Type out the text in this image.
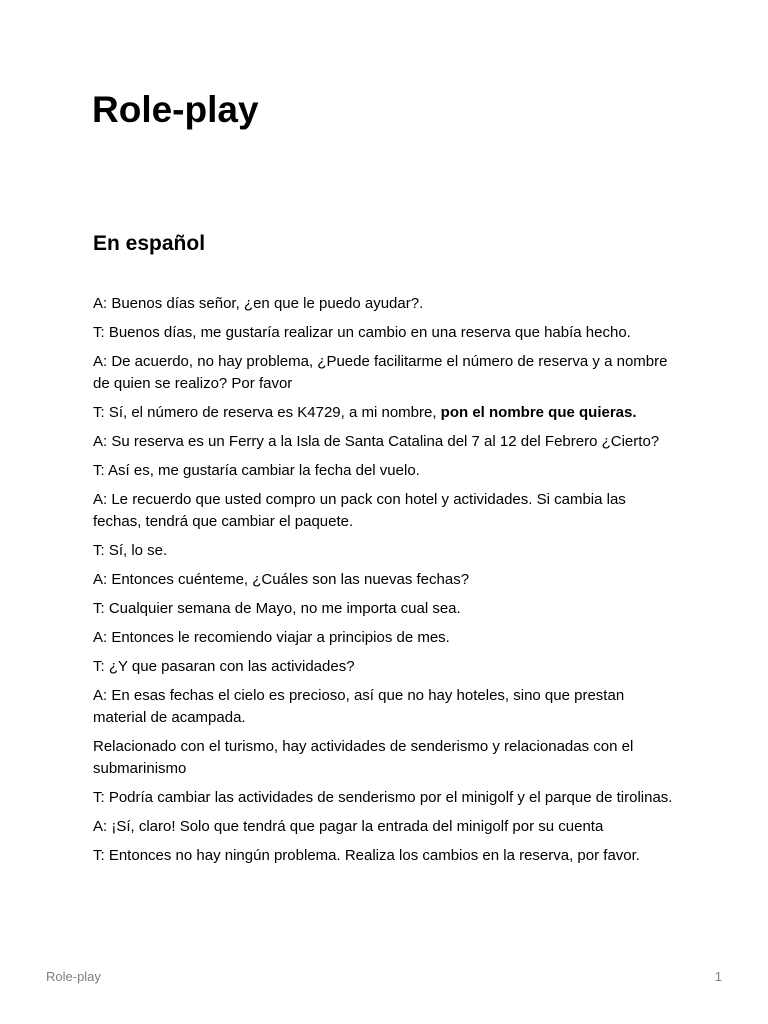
Role-play
En español

A: Buenos días señor, ¿en que le puedo ayudar?.

T: Buenos días, me gustaría realizar un cambio en una reserva que había hecho.

A: De acuerdo, no hay problema, ¿Puede facilitarme el número de reserva y a nombre de quien se realizo? Por favor

T: Sí, el número de reserva es K4729, a mi nombre, pon el nombre que quieras.

A: Su reserva es un Ferry a la Isla de Santa Catalina del 7 al 12 del Febrero ¿Cierto?

T: Así es, me gustaría cambiar la fecha del vuelo.

A: Le recuerdo que usted compro un pack con hotel y actividades. Si cambia las fechas, tendrá que cambiar el paquete.

T: Sí, lo se.

A: Entonces cuénteme, ¿Cuáles son las nuevas fechas?

T: Cualquier semana de Mayo, no me importa cual sea.

A: Entonces le recomiendo viajar a principios de mes.

T: ¿Y que pasaran con las actividades?

A: En esas fechas el cielo es precioso, así que no hay hoteles, sino que prestan material de acampada.

Relacionado con el turismo, hay actividades de senderismo y relacionadas con el submarinismo

T: Podría cambiar las actividades de senderismo por el minigolf y el parque de tirolinas.

A: ¡Sí, claro! Solo que tendrá que pagar la entrada del minigolf por su cuenta

T: Entonces no hay ningún problema. Realiza los cambios en la reserva, por favor.

Role-play	1
